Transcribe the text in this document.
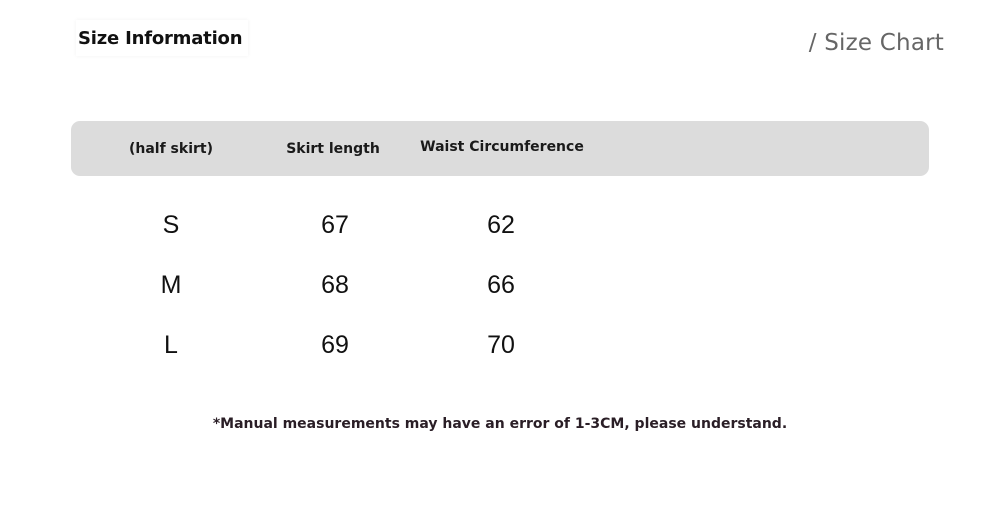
Size Information	/ Size Chart
(half skirt)	Skirt length	Waist Circumference
S	67	62
M	68	66
L	69	70
*Manual measurements may have an error of 1-3CM, please understand.
